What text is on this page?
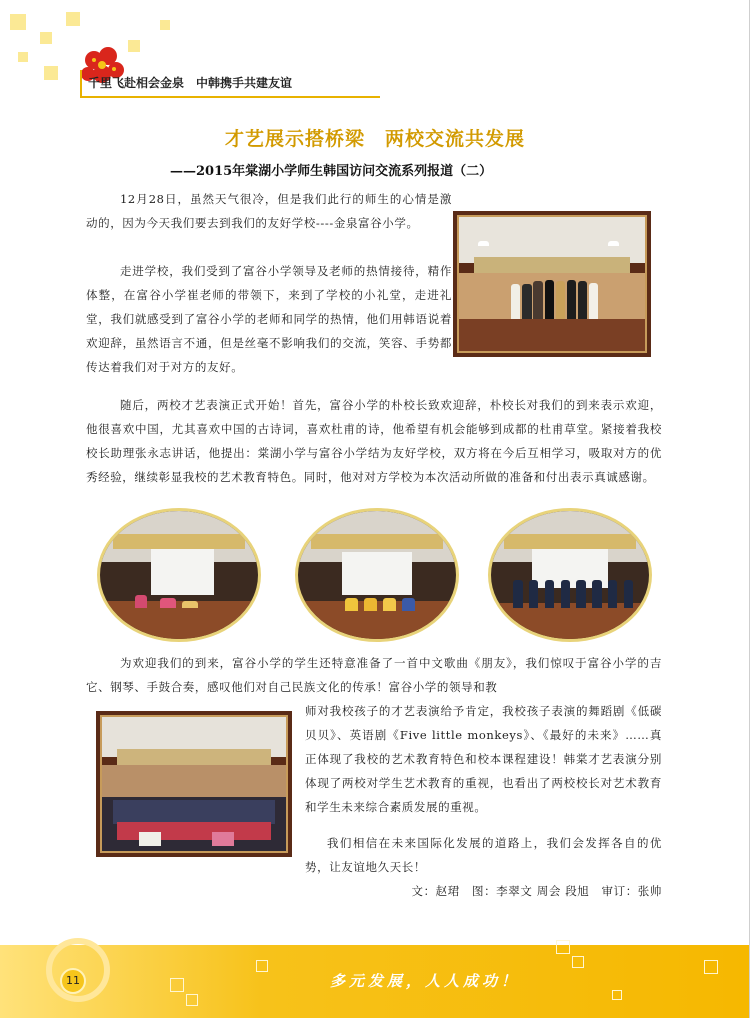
千里飞赴相会金泉　中韩携手共建友谊
才艺展示搭桥梁　两校交流共发展
——2015年棠湖小学师生韩国访问交流系列报道（二）
12月28日，虽然天气很冷，但是我们此行的师生的心情是激动的，因为今天我们要去到我们的友好学校----金泉富谷小学。
走进学校，我们受到了富谷小学领导及老师的热情接待，精作体整，在富谷小学崔老师的带领下，来到了学校的小礼堂，走进礼堂，我们就感受到了富谷小学的老师和同学的热情，他们用韩语说着欢迎辞，虽然语言不通，但是丝毫不影响我们的交流，笑容、手势都传达着我们对于对方的友好。
随后，两校才艺表演正式开始！首先，富谷小学的朴校长致欢迎辞，朴校长对我们的到来表示欢迎，他很喜欢中国，尤其喜欢中国的古诗词，喜欢杜甫的诗，他希望有机会能够到成都的杜甫草堂。紧接着我校校长助理张永志讲话，他提出：棠湖小学与富谷小学结为友好学校，双方将在今后互相学习，吸取对方的优秀经验，继续彰显我校的艺术教育特色。同时，他对对方学校为本次活动所做的准备和付出表示真诚感谢。
为欢迎我们的到来，富谷小学的学生还特意准备了一首中文歌曲《朋友》，我们惊叹于富谷小学的吉它、钢琴、手鼓合奏，感叹他们对自己民族文化的传承！富谷小学的领导和教
师对我校孩子的才艺表演给予肯定，我校孩子表演的舞蹈剧《低碳贝贝》、英语剧《Five little monkeys》、《最好的未来》……真正体现了我校的艺术教育特色和校本课程建设！韩棠才艺表演分别体现了两校对学生艺术教育的重视，也看出了两校校长对艺术教育和学生未来综合素质发展的重视。
我们相信在未来国际化发展的道路上，我们会发挥各自的优势，让友谊地久天长！
文：赵珺　图：李翠文 周会 段旭　审订：张帅
11	多元发展，人人成功！
